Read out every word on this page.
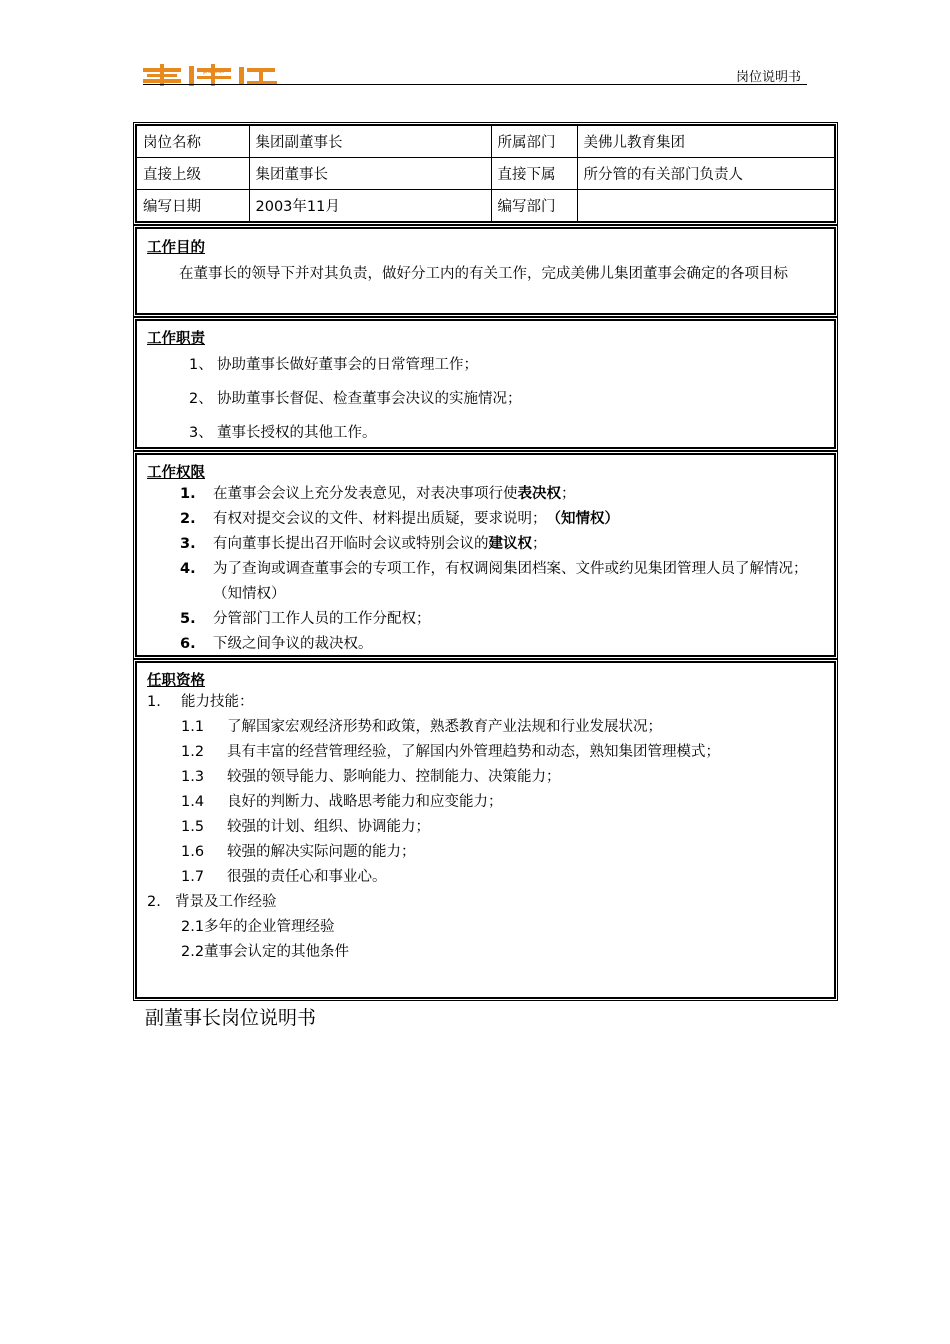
power	岗位说明书
岗位名称	集团副董事长	所属部门	美佛儿教育集团
直接上级	集团董事长	直接下属	所分管的有关部门负责人
编写日期	2003年11月	编写部门	
工作目的

在董事长的领导下并对其负责，做好分工内的有关工作，完成美佛儿集团董事会确定的各项目标

工作职责
1、 协助董事长做好董事会的日常管理工作；
2、 协助董事长督促、检查董事会决议的实施情况；
3、 董事长授权的其他工作。
工作权限
1.	在董事会会议上充分发表意见，对表决事项行使表决权；
2.	有权对提交会议的文件、材料提出质疑，要求说明；　（知情权）
3.	有向董事长提出召开临时会议或特别会议的建议权；
4.	为了查询或调查董事会的专项工作，有权调阅集团档案、文件或约见集团管理人员了解情况；（知情权）
5.	分管部门工作人员的工作分配权；
6.	下级之间争议的裁决权。
任职资格
1. 能力技能：
1.1 了解国家宏观经济形势和政策，熟悉教育产业法规和行业发展状况；
1.2 具有丰富的经营管理经验，了解国内外管理趋势和动态，熟知集团管理模式；
1.3 较强的领导能力、影响能力、控制能力、决策能力；
1.4 良好的判断力、战略思考能力和应变能力；
1.5 较强的计划、组织、协调能力；
1.6 较强的解决实际问题的能力；
1.7 很强的责任心和事业心。
2. 背景及工作经验
2.1多年的企业管理经验
2.2董事会认定的其他条件
副董事长岗位说明书
